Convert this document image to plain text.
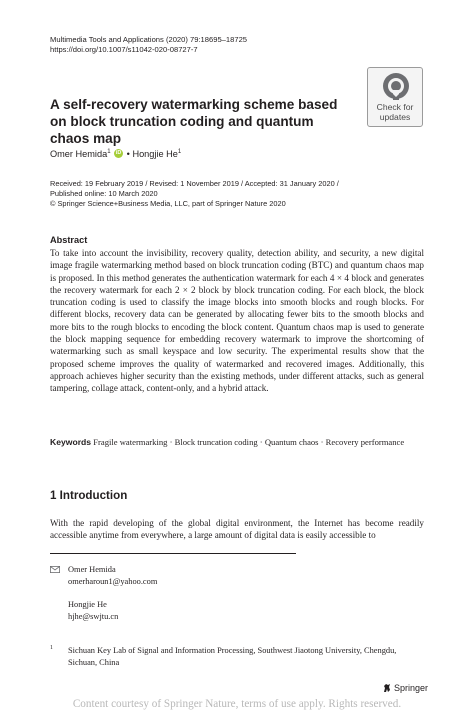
Multimedia Tools and Applications (2020) 79:18695–18725
https://doi.org/10.1007/s11042-020-08727-7
A self-recovery watermarking scheme based on block truncation coding and quantum chaos map
Check for
updates
Omer Hemida$^1$ iD • Hongjie He$^1$
Received: 19 February 2019 / Revised: 1 November 2019 / Accepted: 31 January 2020 /
Published online: 10 March 2020
© Springer Science+Business Media, LLC, part of Springer Nature 2020
Abstract
To take into account the invisibility, recovery quality, detection ability, and security, a new digital image fragile watermarking method based on block truncation coding (BTC) and quantum chaos map is proposed. In this method generates the authentication watermark for each 4 × 4 block and generates the recovery watermark for each 2 × 2 block by block truncation coding. For each block, the block truncation coding is used to classify the image blocks into smooth blocks and rough blocks. For different blocks, recovery data can be generated by allocating fewer bits to the smooth blocks and more bits to the rough blocks to encoding the block content. Quantum chaos map is used to generate the block mapping sequence for embedding recovery watermark to improve the shortcoming of watermarking such as small keyspace and low security. The experimental results show that the proposed scheme improves the quality of watermarked and recovered images. Additionally, this approach achieves higher security than the existing methods, under different attacks, such as general tampering, collage attack, content-only, and a hybrid attack.
Keywords Fragile watermarking · Block truncation coding · Quantum chaos · Recovery performance
1 Introduction
With the rapid developing of the global digital environment, the Internet has become readily accessible anytime from everywhere, a large amount of digital data is easily accessible to
Omer Hemida
omerharoun1@yahoo.com
Hongjie He
hjhe@swjtu.cn
1 Sichuan Key Lab of Signal and Information Processing, Southwest Jiaotong University, Chengdu, Sichuan, China
Springer
Content courtesy of Springer Nature, terms of use apply. Rights reserved.
